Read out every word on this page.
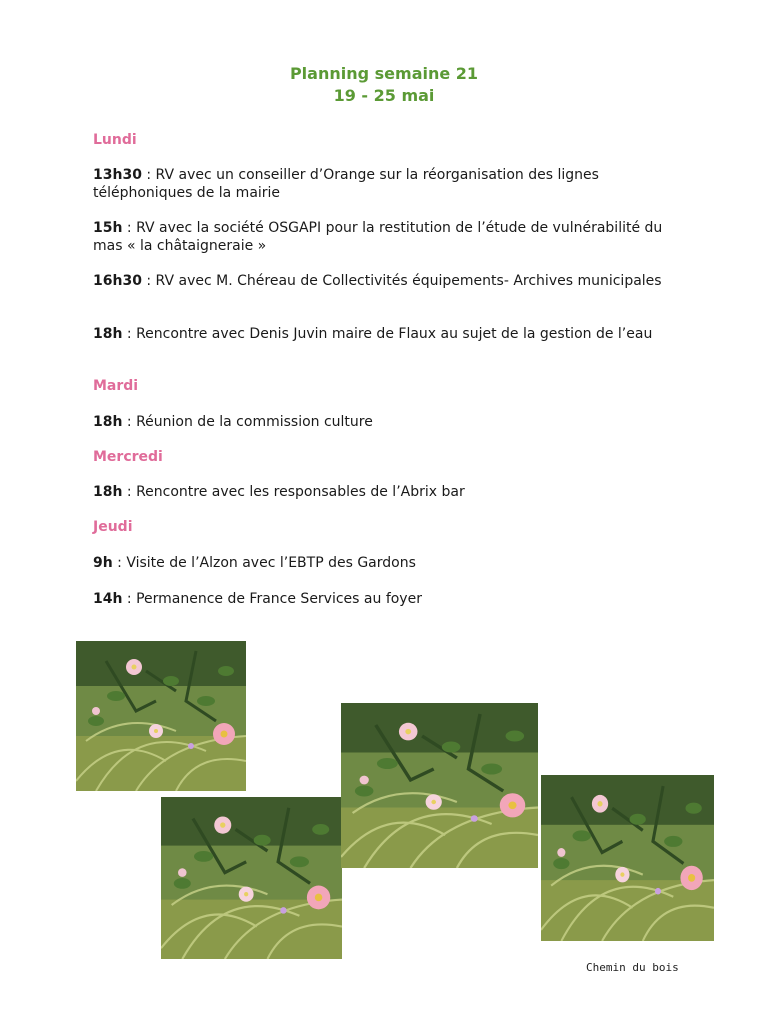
Planning semaine 21
19 - 25 mai
Lundi

13h30 : RV avec un conseiller d’Orange sur la réorganisation des lignes téléphoniques de la mairie

15h : RV avec la société OSGAPI pour la restitution de l’étude de vulnérabilité du mas « la châtaigneraie »

16h30 : RV avec M. Chéreau de Collectivités équipements- Archives municipales

18h : Rencontre avec Denis Juvin maire de Flaux au sujet de la gestion de l’eau

Mardi

18h : Réunion de la commission culture

Mercredi

18h : Rencontre avec les responsables de l’Abrix bar

Jeudi

9h : Visite de l’Alzon avec l’EBTP des Gardons

14h : Permanence de France Services au foyer

Chemin du bois
